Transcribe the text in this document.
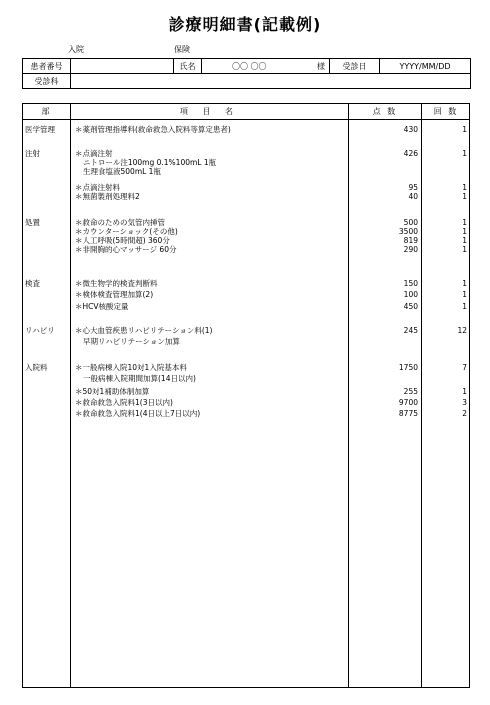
診療明細書(記載例)
入院	保険
患者番号	氏名	〇〇 〇〇	様	受診日	YYYY/MM/DD
受診科
部	項 目 名	点 数	回 数
医学管理	＊薬剤管理指導料(救命救急入院料等算定患者)	430	1
注射	＊点滴注射	426	1
ニトロール注100mg 0.1%100mL 1瓶
生理食塩液500mL 1瓶
＊点滴注射料	95	1
＊無菌製剤処理料2	40	1
処置	＊救命のための気管内挿管	500	1
＊カウンターショック(その他)	3500	1
＊人工呼吸(5時間超) 360分	819	1
＊非開胸的心マッサージ 60分	290	1
検査	＊微生物学的検査判断料	150	1
＊検体検査管理加算(2)	100	1
＊HCV核酸定量	450	1
リハビリ	＊心大血管疾患リハビリテーション料(1)	245	12
早期リハビリテーション加算
入院料	＊一般病棟入院10対1入院基本料	1750	7
一般病棟入院期間加算(14日以内)
＊50対1補助体制加算	255	1
＊救命救急入院料1(3日以内)	9700	3
＊救命救急入院料1(4日以上7日以内)	8775	2
